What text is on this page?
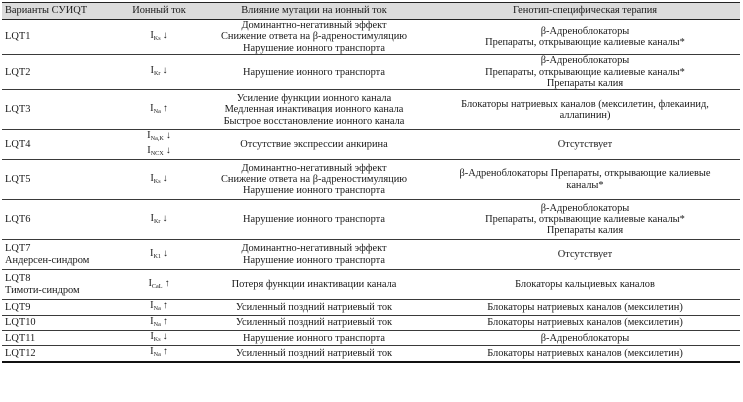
Варианты СУИQT	Ионный ток	Влияние мутации на ионный ток	Генотип-специфическая терапия

LQT1	$I_{Ks}$ ↓	Доминантно-негативный эффект
Снижение ответа на β-адреностимуляцию
Нарушение ионного транспорта	β-Адреноблокаторы
Препараты, открывающие калиевые каналы*

LQT2	$I_{Kr}$ ↓	Нарушение ионного транспорта	β-Адреноблокаторы
Препараты, открывающие калиевые каналы*
Препараты калия

LQT3	$I_{Na}$ ↑	Усиление функции ионного канала
Медленная инактивация ионного канала
Быстрое восстановление ионного канала	Блокаторы натриевых каналов (мексилетин, флекаинид,
аллапинин)

LQT4	$I_{Na,K}$ ↓
$I_{NCX}$ ↓	Отсутствие экспрессии анкирина	Отсутствует

LQT5	$I_{Ks}$ ↓	Доминантно-негативный эффект
Снижение ответа на β-адреностимуляцию
Нарушение ионного транспорта	β-Адреноблокаторы Препараты, открывающие калиевые
каналы*

LQT6	$I_{Kr}$ ↓	Нарушение ионного транспорта	β-Адреноблокаторы
Препараты, открывающие калиевые каналы*
Препараты калия

LQT7
Андерсен-синдром	$I_{K1}$ ↓	Доминантно-негативный эффект
Нарушение ионного транспорта	Отсутствует

LQT8
Тимоти-синдром	$I_{CaL}$ ↑	Потеря функции инактивации канала	Блокаторы кальциевых каналов

LQT9	$I_{Na}$ ↑	Усиленный поздний натриевый ток	Блокаторы натриевых каналов (мексилетин)

LQT10	$I_{Na}$ ↑	Усиленный поздний натриевый ток	Блокаторы натриевых каналов (мексилетин)

LQT11	$I_{Ks}$ ↓	Нарушение ионного транспорта	β-Адреноблокаторы

LQT12	$I_{Na}$ ↑	Усиленный поздний натриевый ток	Блокаторы натриевых каналов (мексилетин)
